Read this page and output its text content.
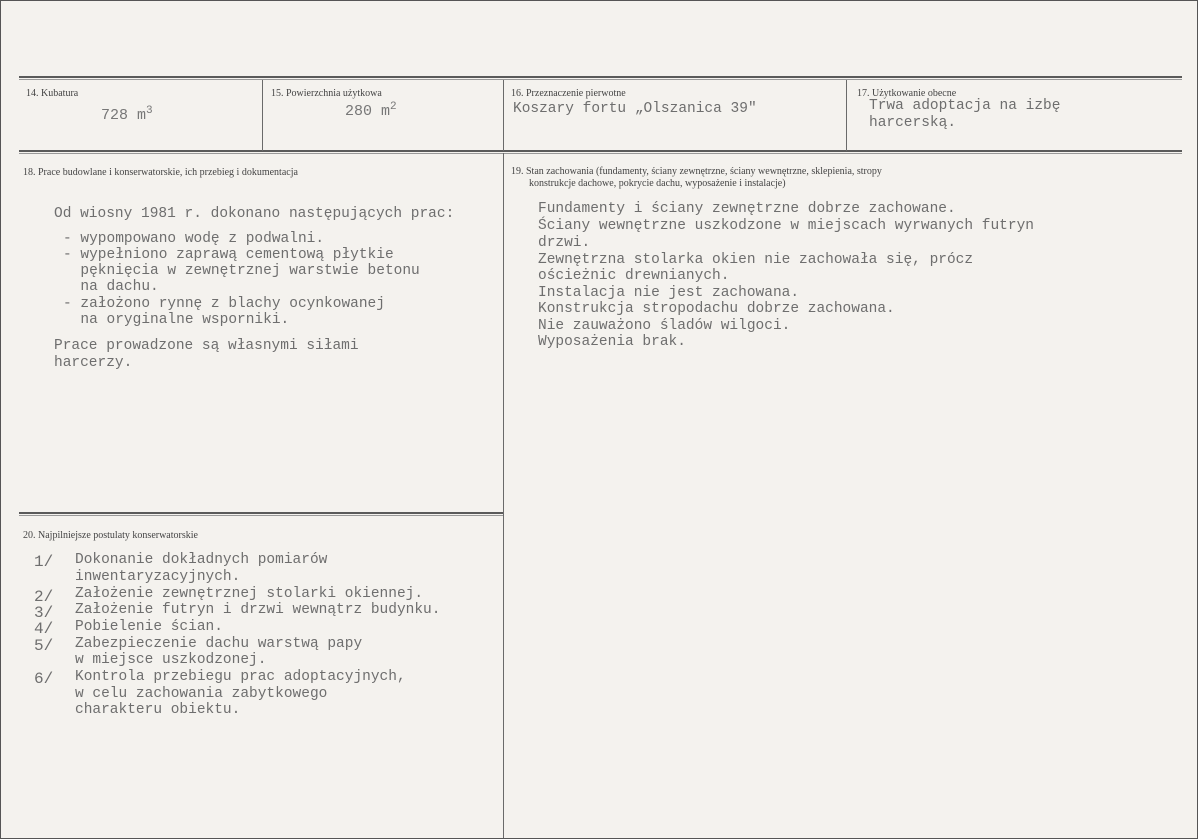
14. Kubatura
728 $m^3$
15. Powierzchnia użytkowa
280 $m^2$
16. Przeznaczenie pierwotne
Koszary fortu „Olszanica 39"
17. Użytkowanie obecne
Trwa adoptacja na izbę
harcerską.
18. Prace budowlane i konserwatorskie, ich przebieg i dokumentacja
Od wiosny 1981 r. dokonano następujących prac:
- wypompowano wodę z podwalni.
- wypełniono zaprawą cementową płytkie
pęknięcia w zewnętrznej warstwie betonu
na dachu.
- założono rynnę z blachy ocynkowanej
na oryginalne wsporniki.
Prace prowadzone są własnymi siłami
harcerzy.
19. Stan zachowania (fundamenty, ściany zewnętrzne, ściany wewnętrzne, sklepienia, stropy
konstrukcje dachowe, pokrycie dachu, wyposażenie i instalacje)
Fundamenty i ściany zewnętrzne dobrze zachowane.
Ściany wewnętrzne uszkodzone w miejscach wyrwanych futryn
drzwi.
Zewnętrzna stolarka okien nie zachowała się, prócz
ościeżnic drewnianych.
Instalacja nie jest zachowana.
Konstrukcja stropodachu dobrze zachowana.
Nie zauważono śladów wilgoci.
Wyposażenia brak.
20. Najpilniejsze postulaty konserwatorskie
1/ Dokonanie dokładnych pomiarów
inwentaryzacyjnych.
2/ Założenie zewnętrznej stolarki okiennej.
3/ Założenie futryn i drzwi wewnątrz budynku.
4/ Pobielenie ścian.
5/ Zabezpieczenie dachu warstwą papy
w miejsce uszkodzonej.
6/ Kontrola przebiegu prac adoptacyjnych,
w celu zachowania zabytkowego
charakteru obiektu.
